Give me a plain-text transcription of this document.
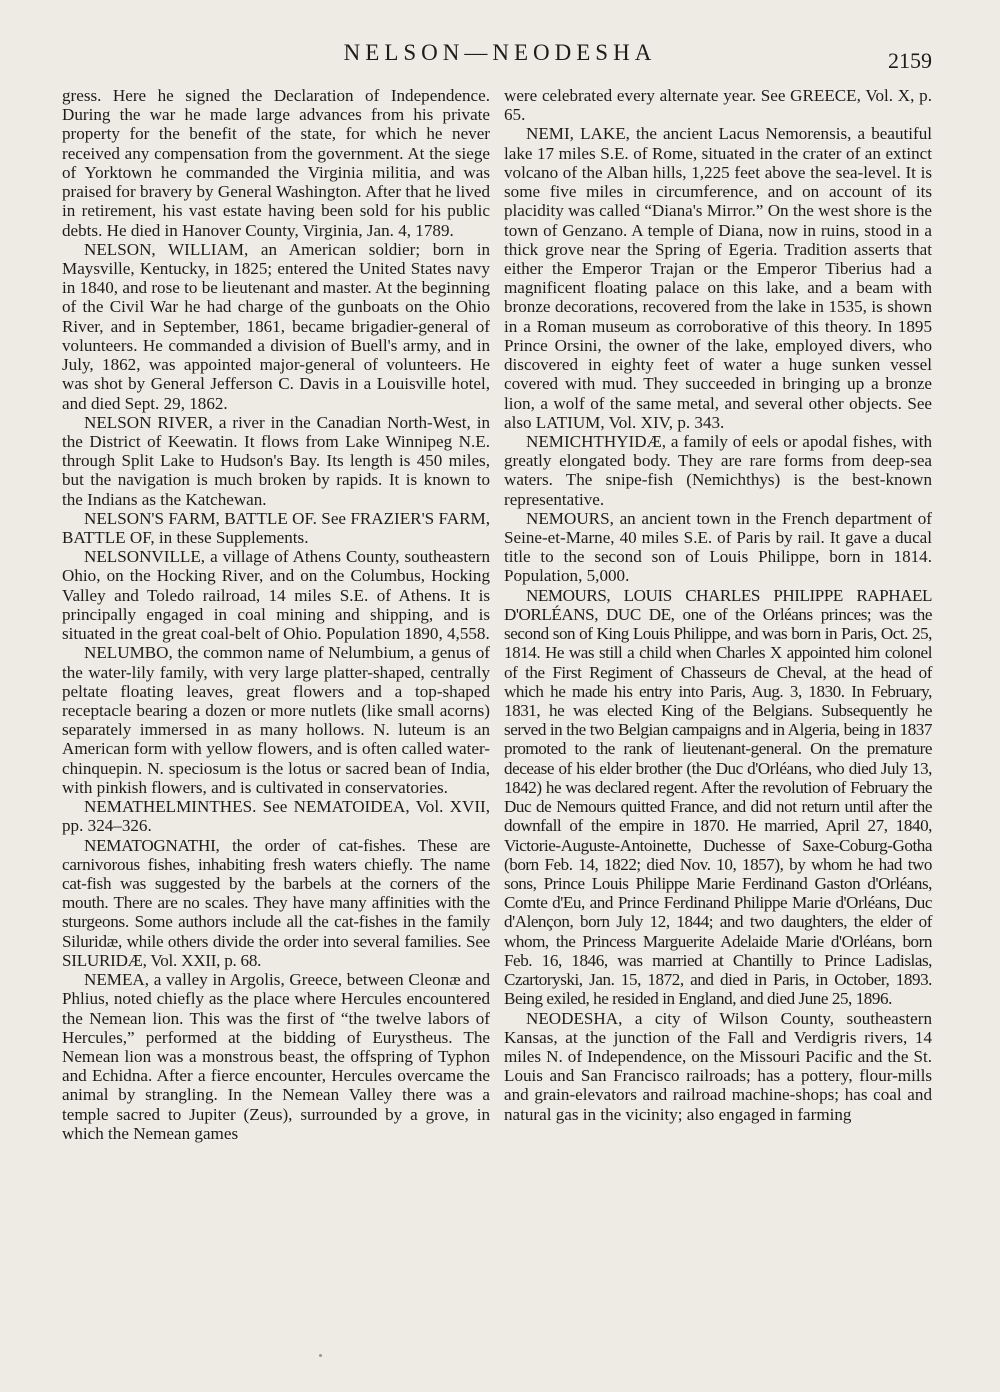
NELSON—NEODESHA	2159

gress. Here he signed the Declaration of Independence. During the war he made large advances from his private property for the benefit of the state, for which he never received any compensation from the government. At the siege of Yorktown he commanded the Virginia militia, and was praised for bravery by General Washington. After that he lived in retirement, his vast estate having been sold for his public debts. He died in Hanover County, Virginia, Jan. 4, 1789.

NELSON, WILLIAM, an American soldier; born in Maysville, Kentucky, in 1825; entered the United States navy in 1840, and rose to be lieutenant and master. At the beginning of the Civil War he had charge of the gunboats on the Ohio River, and in September, 1861, became brigadier-general of volunteers. He commanded a division of Buell's army, and in July, 1862, was appointed major-general of volunteers. He was shot by General Jefferson C. Davis in a Louisville hotel, and died Sept. 29, 1862.

NELSON RIVER, a river in the Canadian North-West, in the District of Keewatin. It flows from Lake Winnipeg N.E. through Split Lake to Hudson's Bay. Its length is 450 miles, but the navigation is much broken by rapids. It is known to the Indians as the Katchewan.

NELSON'S FARM, BATTLE OF. See FRAZIER'S FARM, BATTLE OF, in these Supplements.

NELSONVILLE, a village of Athens County, southeastern Ohio, on the Hocking River, and on the Columbus, Hocking Valley and Toledo railroad, 14 miles S.E. of Athens. It is principally engaged in coal mining and shipping, and is situated in the great coal-belt of Ohio. Population 1890, 4,558.

NELUMBO, the common name of Nelumbium, a genus of the water-lily family, with very large platter-shaped, centrally peltate floating leaves, great flowers and a top-shaped receptacle bearing a dozen or more nutlets (like small acorns) separately immersed in as many hollows. N. luteum is an American form with yellow flowers, and is often called water-chinquepin. N. speciosum is the lotus or sacred bean of India, with pinkish flowers, and is cultivated in conservatories.

NEMATHELMINTHES. See NEMATOIDEA, Vol. XVII, pp. 324–326.

NEMATOGNATHI, the order of cat-fishes. These are carnivorous fishes, inhabiting fresh waters chiefly. The name cat-fish was suggested by the barbels at the corners of the mouth. There are no scales. They have many affinities with the sturgeons. Some authors include all the cat-fishes in the family Siluridæ, while others divide the order into several families. See SILURIDÆ, Vol. XXII, p. 68.

NEMEA, a valley in Argolis, Greece, between Cleonæ and Phlius, noted chiefly as the place where Hercules encountered the Nemean lion. This was the first of “the twelve labors of Hercules,” performed at the bidding of Eurystheus. The Nemean lion was a monstrous beast, the offspring of Typhon and Echidna. After a fierce encounter, Hercules overcame the animal by strangling. In the Nemean Valley there was a temple sacred to Jupiter (Zeus), surrounded by a grove, in which the Nemean games

were celebrated every alternate year. See GREECE, Vol. X, p. 65.

NEMI, LAKE, the ancient Lacus Nemorensis, a beautiful lake 17 miles S.E. of Rome, situated in the crater of an extinct volcano of the Alban hills, 1,225 feet above the sea-level. It is some five miles in circumference, and on account of its placidity was called “Diana's Mirror.” On the west shore is the town of Genzano. A temple of Diana, now in ruins, stood in a thick grove near the Spring of Egeria. Tradition asserts that either the Emperor Trajan or the Emperor Tiberius had a magnificent floating palace on this lake, and a beam with bronze decorations, recovered from the lake in 1535, is shown in a Roman museum as corroborative of this theory. In 1895 Prince Orsini, the owner of the lake, employed divers, who discovered in eighty feet of water a huge sunken vessel covered with mud. They succeeded in bringing up a bronze lion, a wolf of the same metal, and several other objects. See also LATIUM, Vol. XIV, p. 343.

NEMICHTHYIDÆ, a family of eels or apodal fishes, with greatly elongated body. They are rare forms from deep-sea waters. The snipe-fish (Nemichthys) is the best-known representative.

NEMOURS, an ancient town in the French department of Seine-et-Marne, 40 miles S.E. of Paris by rail. It gave a ducal title to the second son of Louis Philippe, born in 1814. Population, 5,000.

NEMOURS, LOUIS CHARLES PHILIPPE RAPHAEL D'ORLÉANS, DUC DE, one of the Orléans princes; was the second son of King Louis Philippe, and was born in Paris, Oct. 25, 1814. He was still a child when Charles X appointed him colonel of the First Regiment of Chasseurs de Cheval, at the head of which he made his entry into Paris, Aug. 3, 1830. In February, 1831, he was elected King of the Belgians. Subsequently he served in the two Belgian campaigns and in Algeria, being in 1837 promoted to the rank of lieutenant-general. On the premature decease of his elder brother (the Duc d'Orléans, who died July 13, 1842) he was declared regent. After the revolution of February the Duc de Nemours quitted France, and did not return until after the downfall of the empire in 1870. He married, April 27, 1840, Victorie-Auguste-Antoinette, Duchesse of Saxe-Coburg-Gotha (born Feb. 14, 1822; died Nov. 10, 1857), by whom he had two sons, Prince Louis Philippe Marie Ferdinand Gaston d'Orléans, Comte d'Eu, and Prince Ferdinand Philippe Marie d'Orléans, Duc d'Alençon, born July 12, 1844; and two daughters, the elder of whom, the Princess Marguerite Adelaide Marie d'Orléans, born Feb. 16, 1846, was married at Chantilly to Prince Ladislas, Czartoryski, Jan. 15, 1872, and died in Paris, in October, 1893. Being exiled, he resided in England, and died June 25, 1896.

NEODESHA, a city of Wilson County, southeastern Kansas, at the junction of the Fall and Verdigris rivers, 14 miles N. of Independence, on the Missouri Pacific and the St. Louis and San Francisco railroads; has a pottery, flour-mills and grain-elevators and railroad machine-shops; has coal and natural gas in the vicinity; also engaged in farming
